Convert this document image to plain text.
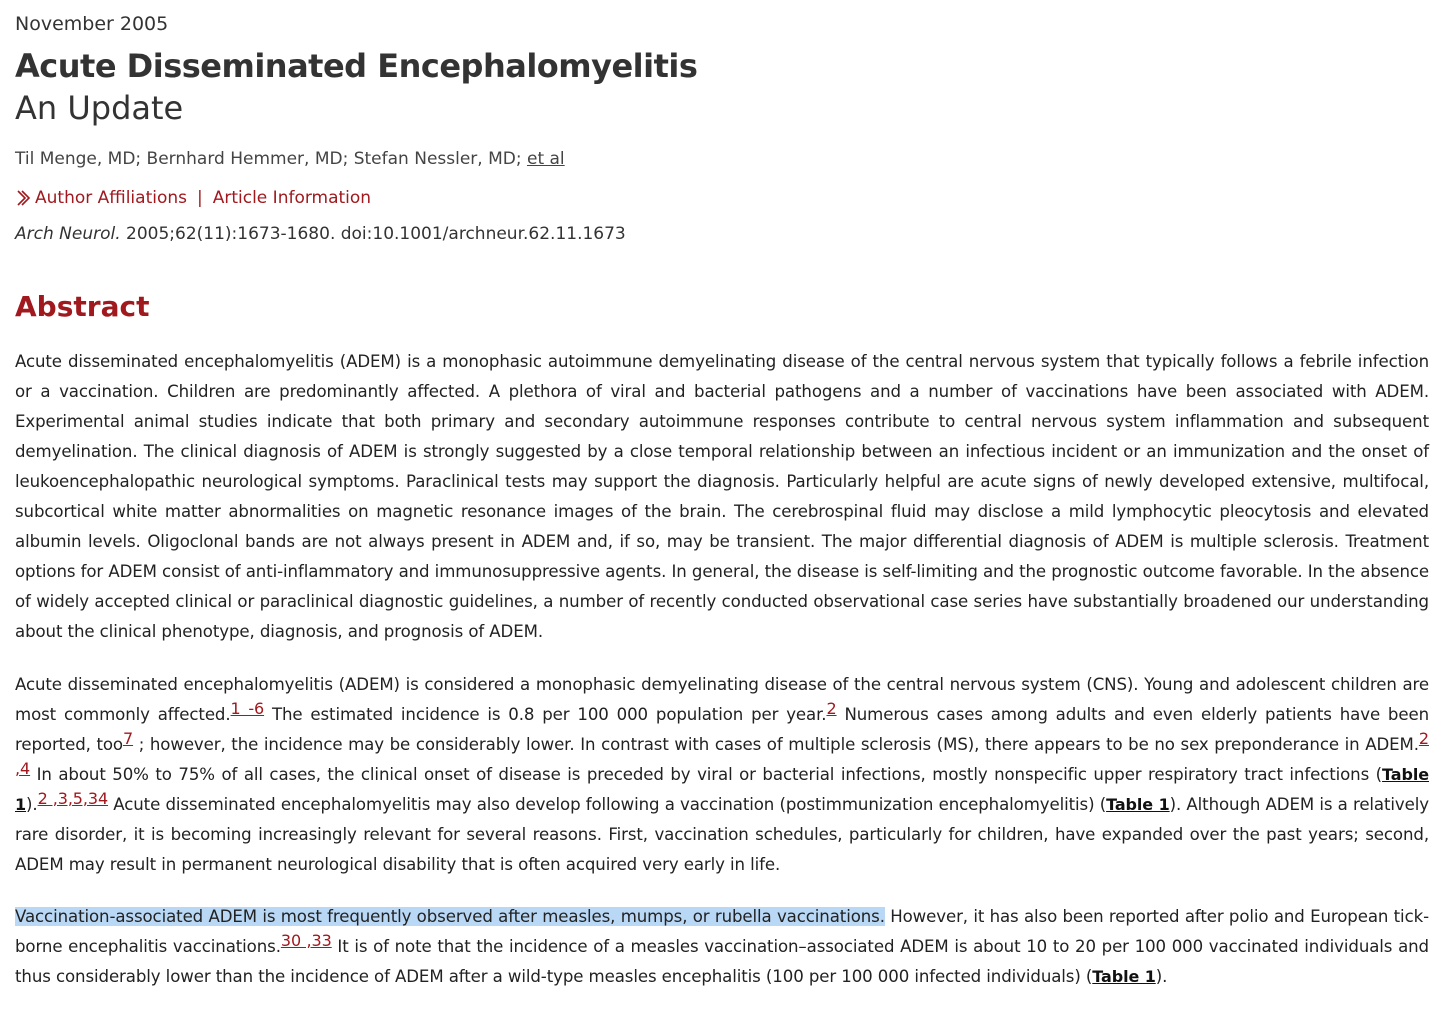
November 2005
Acute Disseminated Encephalomyelitis
An Update
Til Menge, MD; Bernhard Hemmer, MD; Stefan Nessler, MD; et al
Author Affiliations | Article Information
Arch Neurol. 2005;62(11):1673-1680. doi:10.1001/archneur.62.11.1673
Abstract

Acute disseminated encephalomyelitis (ADEM) is a monophasic autoimmune demyelinating disease of the central nervous system that typically follows a febrile infection or a vaccination. Children are predominantly affected. A plethora of viral and bacterial pathogens and a number of vaccinations have been associated with ADEM. Experimental animal studies indicate that both primary and secondary autoimmune responses contribute to central nervous system inflammation and subsequent demyelination. The clinical diagnosis of ADEM is strongly suggested by a close temporal relationship between an infectious incident or an immunization and the onset of leukoencephalopathic neurological symptoms. Paraclinical tests may support the diagnosis. Particularly helpful are acute signs of newly developed extensive, multifocal, subcortical white matter abnormalities on magnetic resonance images of the brain. The cerebrospinal fluid may disclose a mild lymphocytic pleocytosis and elevated albumin levels. Oligoclonal bands are not always present in ADEM and, if so, may be transient. The major differential diagnosis of ADEM is multiple sclerosis. Treatment options for ADEM consist of anti-inflammatory and immunosuppressive agents. In general, the disease is self-limiting and the prognostic outcome favorable. In the absence of widely accepted clinical or paraclinical diagnostic guidelines, a number of recently conducted observational case series have substantially broadened our understanding about the clinical phenotype, diagnosis, and prognosis of ADEM.

Acute disseminated encephalomyelitis (ADEM) is considered a monophasic demyelinating disease of the central nervous system (CNS). Young and adolescent children are most commonly affected.1 -6 The estimated incidence is 0.8 per 100 000 population per year.2 Numerous cases among adults and even elderly patients have been reported, too7 ; however, the incidence may be considerably lower. In contrast with cases of multiple sclerosis (MS), there appears to be no sex preponderance in ADEM.2 ,4 In about 50% to 75% of all cases, the clinical onset of disease is preceded by viral or bacterial infections, mostly nonspecific upper respiratory tract infections (Table 1).2 ,3,5,34 Acute disseminated encephalomyelitis may also develop following a vaccination (postimmunization encephalomyelitis) (Table 1). Although ADEM is a relatively rare disorder, it is becoming increasingly relevant for several reasons. First, vaccination schedules, particularly for children, have expanded over the past years; second, ADEM may result in permanent neurological disability that is often acquired very early in life.

Vaccination-associated ADEM is most frequently observed after measles, mumps, or rubella vaccinations. However, it has also been reported after polio and European tick-borne encephalitis vaccinations.30 ,33 It is of note that the incidence of a measles vaccination–associated ADEM is about 10 to 20 per 100 000 vaccinated individuals and thus considerably lower than the incidence of ADEM after a wild-type measles encephalitis (100 per 100 000 infected individuals) (Table 1).
